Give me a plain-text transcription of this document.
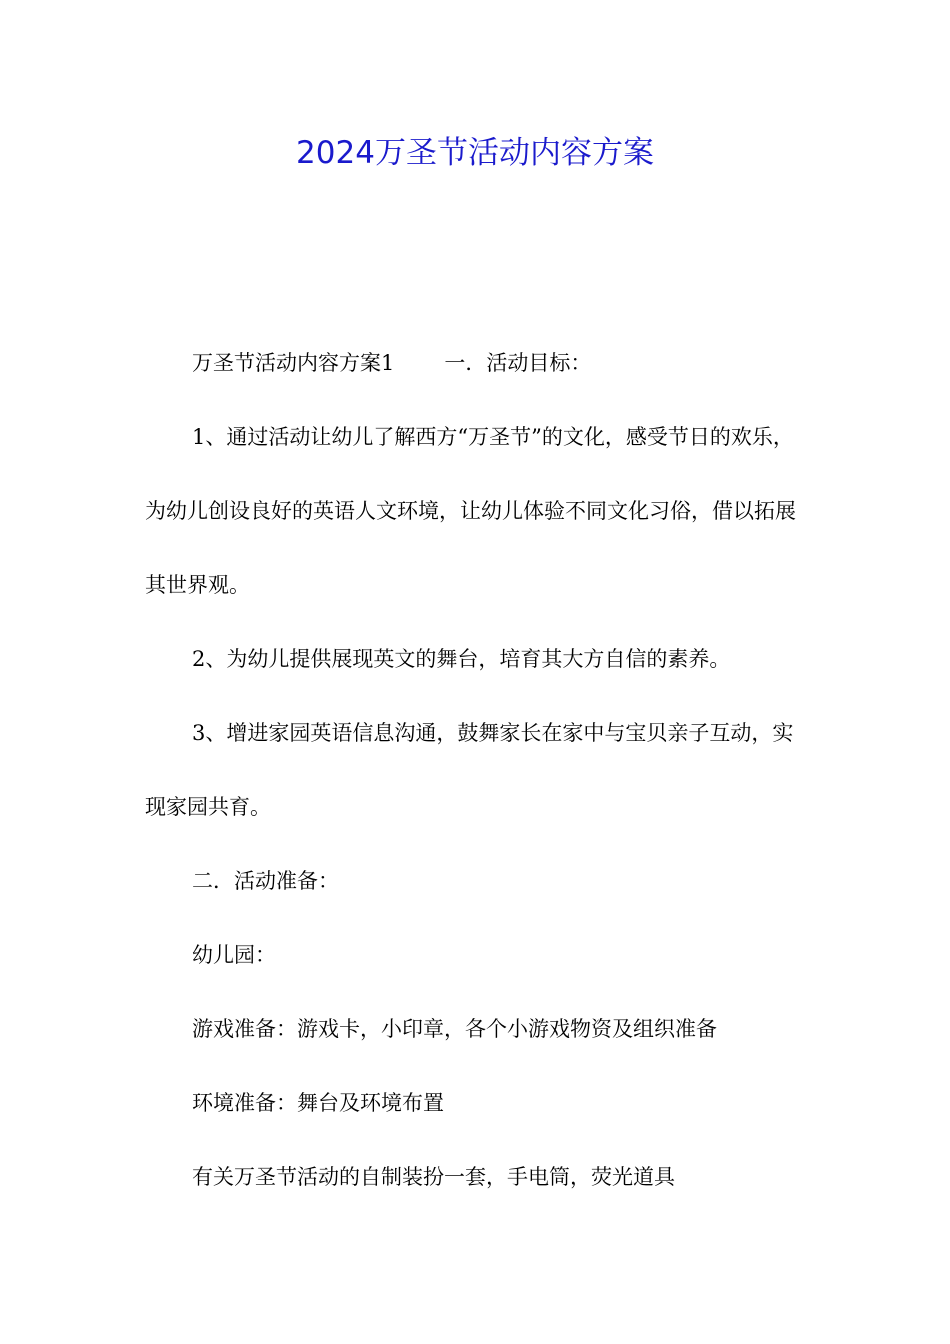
2024万圣节活动内容方案

万圣节活动内容方案1 一．活动目标：

1、通过活动让幼儿了解西方“万圣节”的文化，感受节日的欢乐，为幼儿创设良好的英语人文环境，让幼儿体验不同文化习俗，借以拓展其世界观。

2、为幼儿提供展现英文的舞台，培育其大方自信的素养。

3、增进家园英语信息沟通，鼓舞家长在家中与宝贝亲子互动，实现家园共育。

二．活动准备：

幼儿园：

游戏准备：游戏卡，小印章，各个小游戏物资及组织准备

环境准备：舞台及环境布置

有关万圣节活动的自制装扮一套，手电筒，荧光道具
